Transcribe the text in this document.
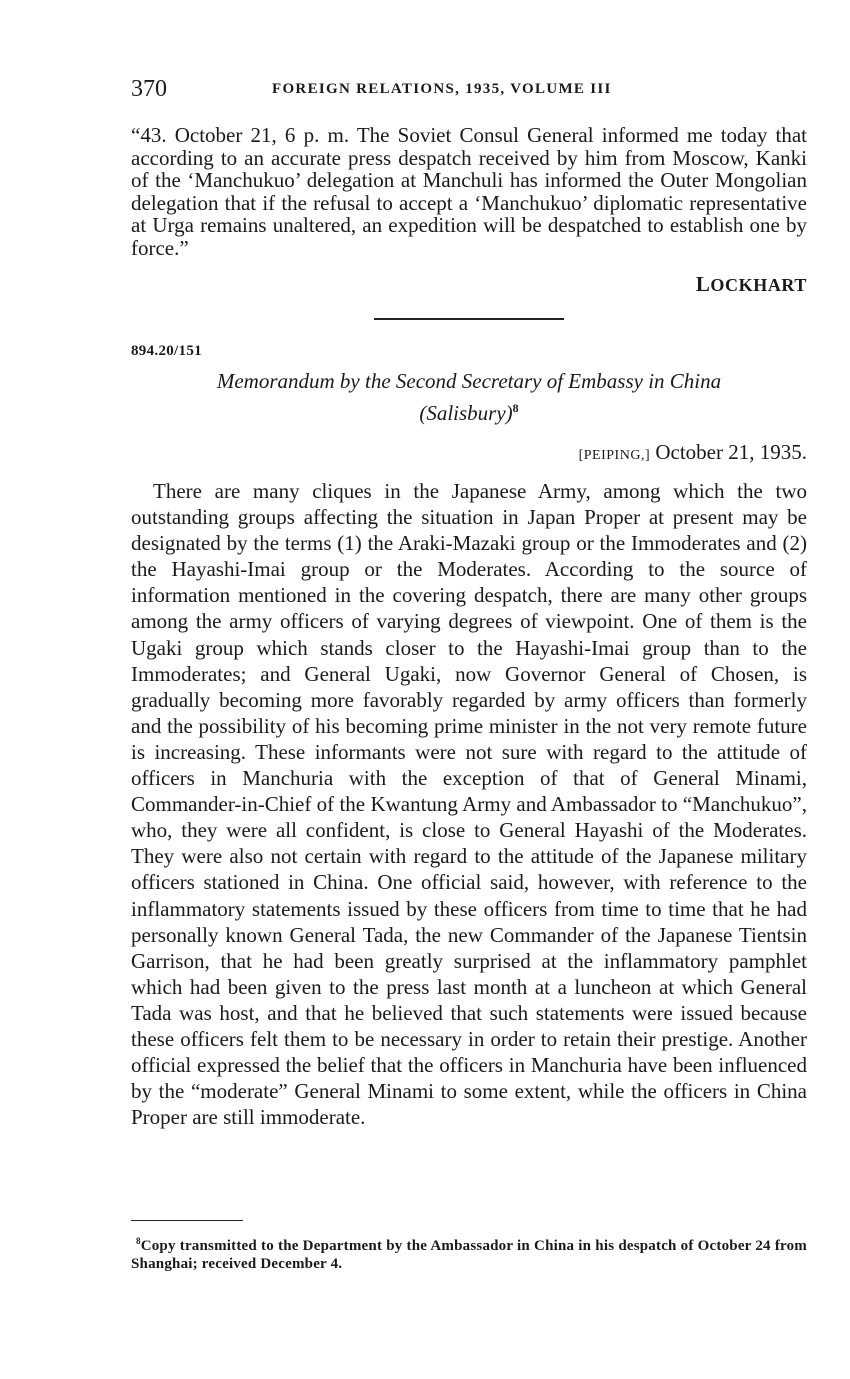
370	FOREIGN RELATIONS, 1935, VOLUME III

“43. October 21, 6 p. m. The Soviet Consul General informed me today that according to an accurate press despatch received by him from Moscow, Kanki of the ‘Manchukuo’ delegation at Manchuli has informed the Outer Mongolian delegation that if the refusal to accept a ‘Manchukuo’ diplomatic representative at Urga remains unaltered, an expedition will be despatched to establish one by force.”

LOCKHART
894.20/151
Memorandum by the Second Secretary of Embassy in China
(Salisbury)$^8$
[PEIPING,] October 21, 1935.

There are many cliques in the Japanese Army, among which the two outstanding groups affecting the situation in Japan Proper at present may be designated by the terms (1) the Araki-Mazaki group or the Immoderates and (2) the Hayashi-Imai group or the Moderates. According to the source of information mentioned in the covering despatch, there are many other groups among the army officers of varying degrees of viewpoint. One of them is the Ugaki group which stands closer to the Hayashi-Imai group than to the Immoderates; and General Ugaki, now Governor General of Chosen, is gradually becoming more favorably regarded by army officers than formerly and the possibility of his becoming prime minister in the not very remote future is increasing. These informants were not sure with regard to the attitude of officers in Manchuria with the exception of that of General Minami, Commander-in-Chief of the Kwantung Army and Ambassador to “Manchukuo”, who, they were all confident, is close to General Hayashi of the Moderates. They were also not certain with regard to the attitude of the Japanese military officers stationed in China. One official said, however, with reference to the inflammatory statements issued by these officers from time to time that he had personally known General Tada, the new Commander of the Japanese Tientsin Garrison, that he had been greatly surprised at the inflammatory pamphlet which had been given to the press last month at a luncheon at which General Tada was host, and that he believed that such statements were issued because these officers felt them to be necessary in order to retain their prestige. Another official expressed the belief that the officers in Manchuria have been influenced by the “moderate” General Minami to some extent, while the officers in China Proper are still immoderate.

$^8$Copy transmitted to the Department by the Ambassador in China in his despatch of October 24 from Shanghai; received December 4.
